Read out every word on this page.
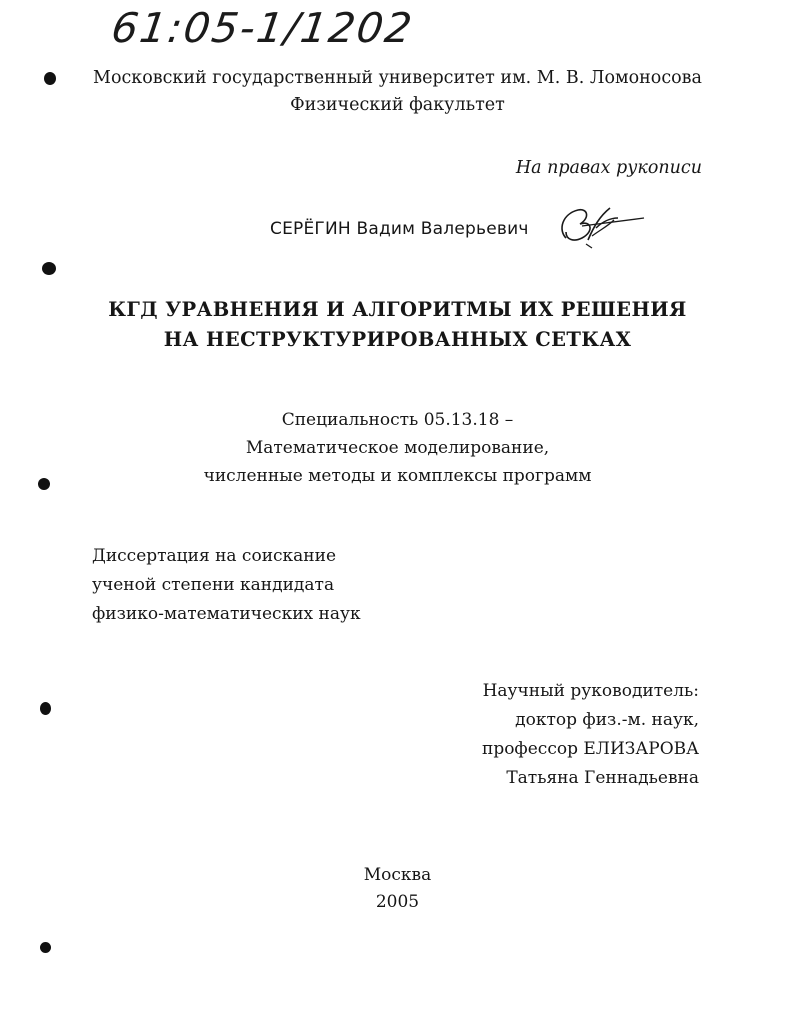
61:05-1/1202
Московский государственный университет им. М. В. Ломоносова
Физический факультет
На правах рукописи
СЕРЁГИН Вадим Валерьевич
КГД УРАВНЕНИЯ И АЛГОРИТМЫ ИХ РЕШЕНИЯ
НА НЕСТРУКТУРИРОВАННЫХ СЕТКАХ
Специальность 05.13.18 –
Математическое моделирование,
численные методы и комплексы программ
Диссертация на соискание
ученой степени кандидата
физико-математических наук
Научный руководитель:
доктор физ.-м. наук,
профессор ЕЛИЗАРОВА
Татьяна Геннадьевна
Москва
2005
